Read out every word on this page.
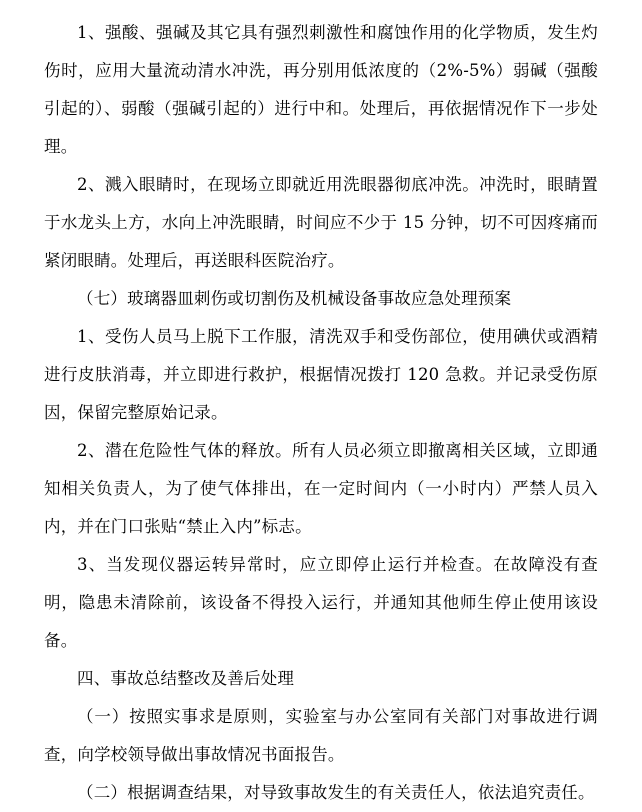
1、强酸、强碱及其它具有强烈刺激性和腐蚀作用的化学物质，发生灼伤时，应用大量流动清水冲洗，再分别用低浓度的（2%-5%）弱碱（强酸引起的）、弱酸（强碱引起的）进行中和。处理后，再依据情况作下一步处理。

2、溅入眼睛时，在现场立即就近用洗眼器彻底冲洗。冲洗时，眼睛置于水龙头上方，水向上冲洗眼睛，时间应不少于 15 分钟，切不可因疼痛而紧闭眼睛。处理后，再送眼科医院治疗。

（七）玻璃器皿刺伤或切割伤及机械设备事故应急处理预案

1、受伤人员马上脱下工作服，清洗双手和受伤部位，使用碘伏或酒精进行皮肤消毒，并立即进行救护，根据情况拨打 120 急救。并记录受伤原因，保留完整原始记录。

2、潜在危险性气体的释放。所有人员必须立即撤离相关区域，立即通知相关负责人，为了使气体排出，在一定时间内（一小时内）严禁人员入内，并在门口张贴“禁止入内”标志。

3、当发现仪器运转异常时，应立即停止运行并检查。在故障没有查明，隐患未清除前，该设备不得投入运行，并通知其他师生停止使用该设备。

四、事故总结整改及善后处理

（一）按照实事求是原则，实验室与办公室同有关部门对事故进行调查，向学校领导做出事故情况书面报告。

（二）根据调查结果，对导致事故发生的有关责任人，依法追究责任。
